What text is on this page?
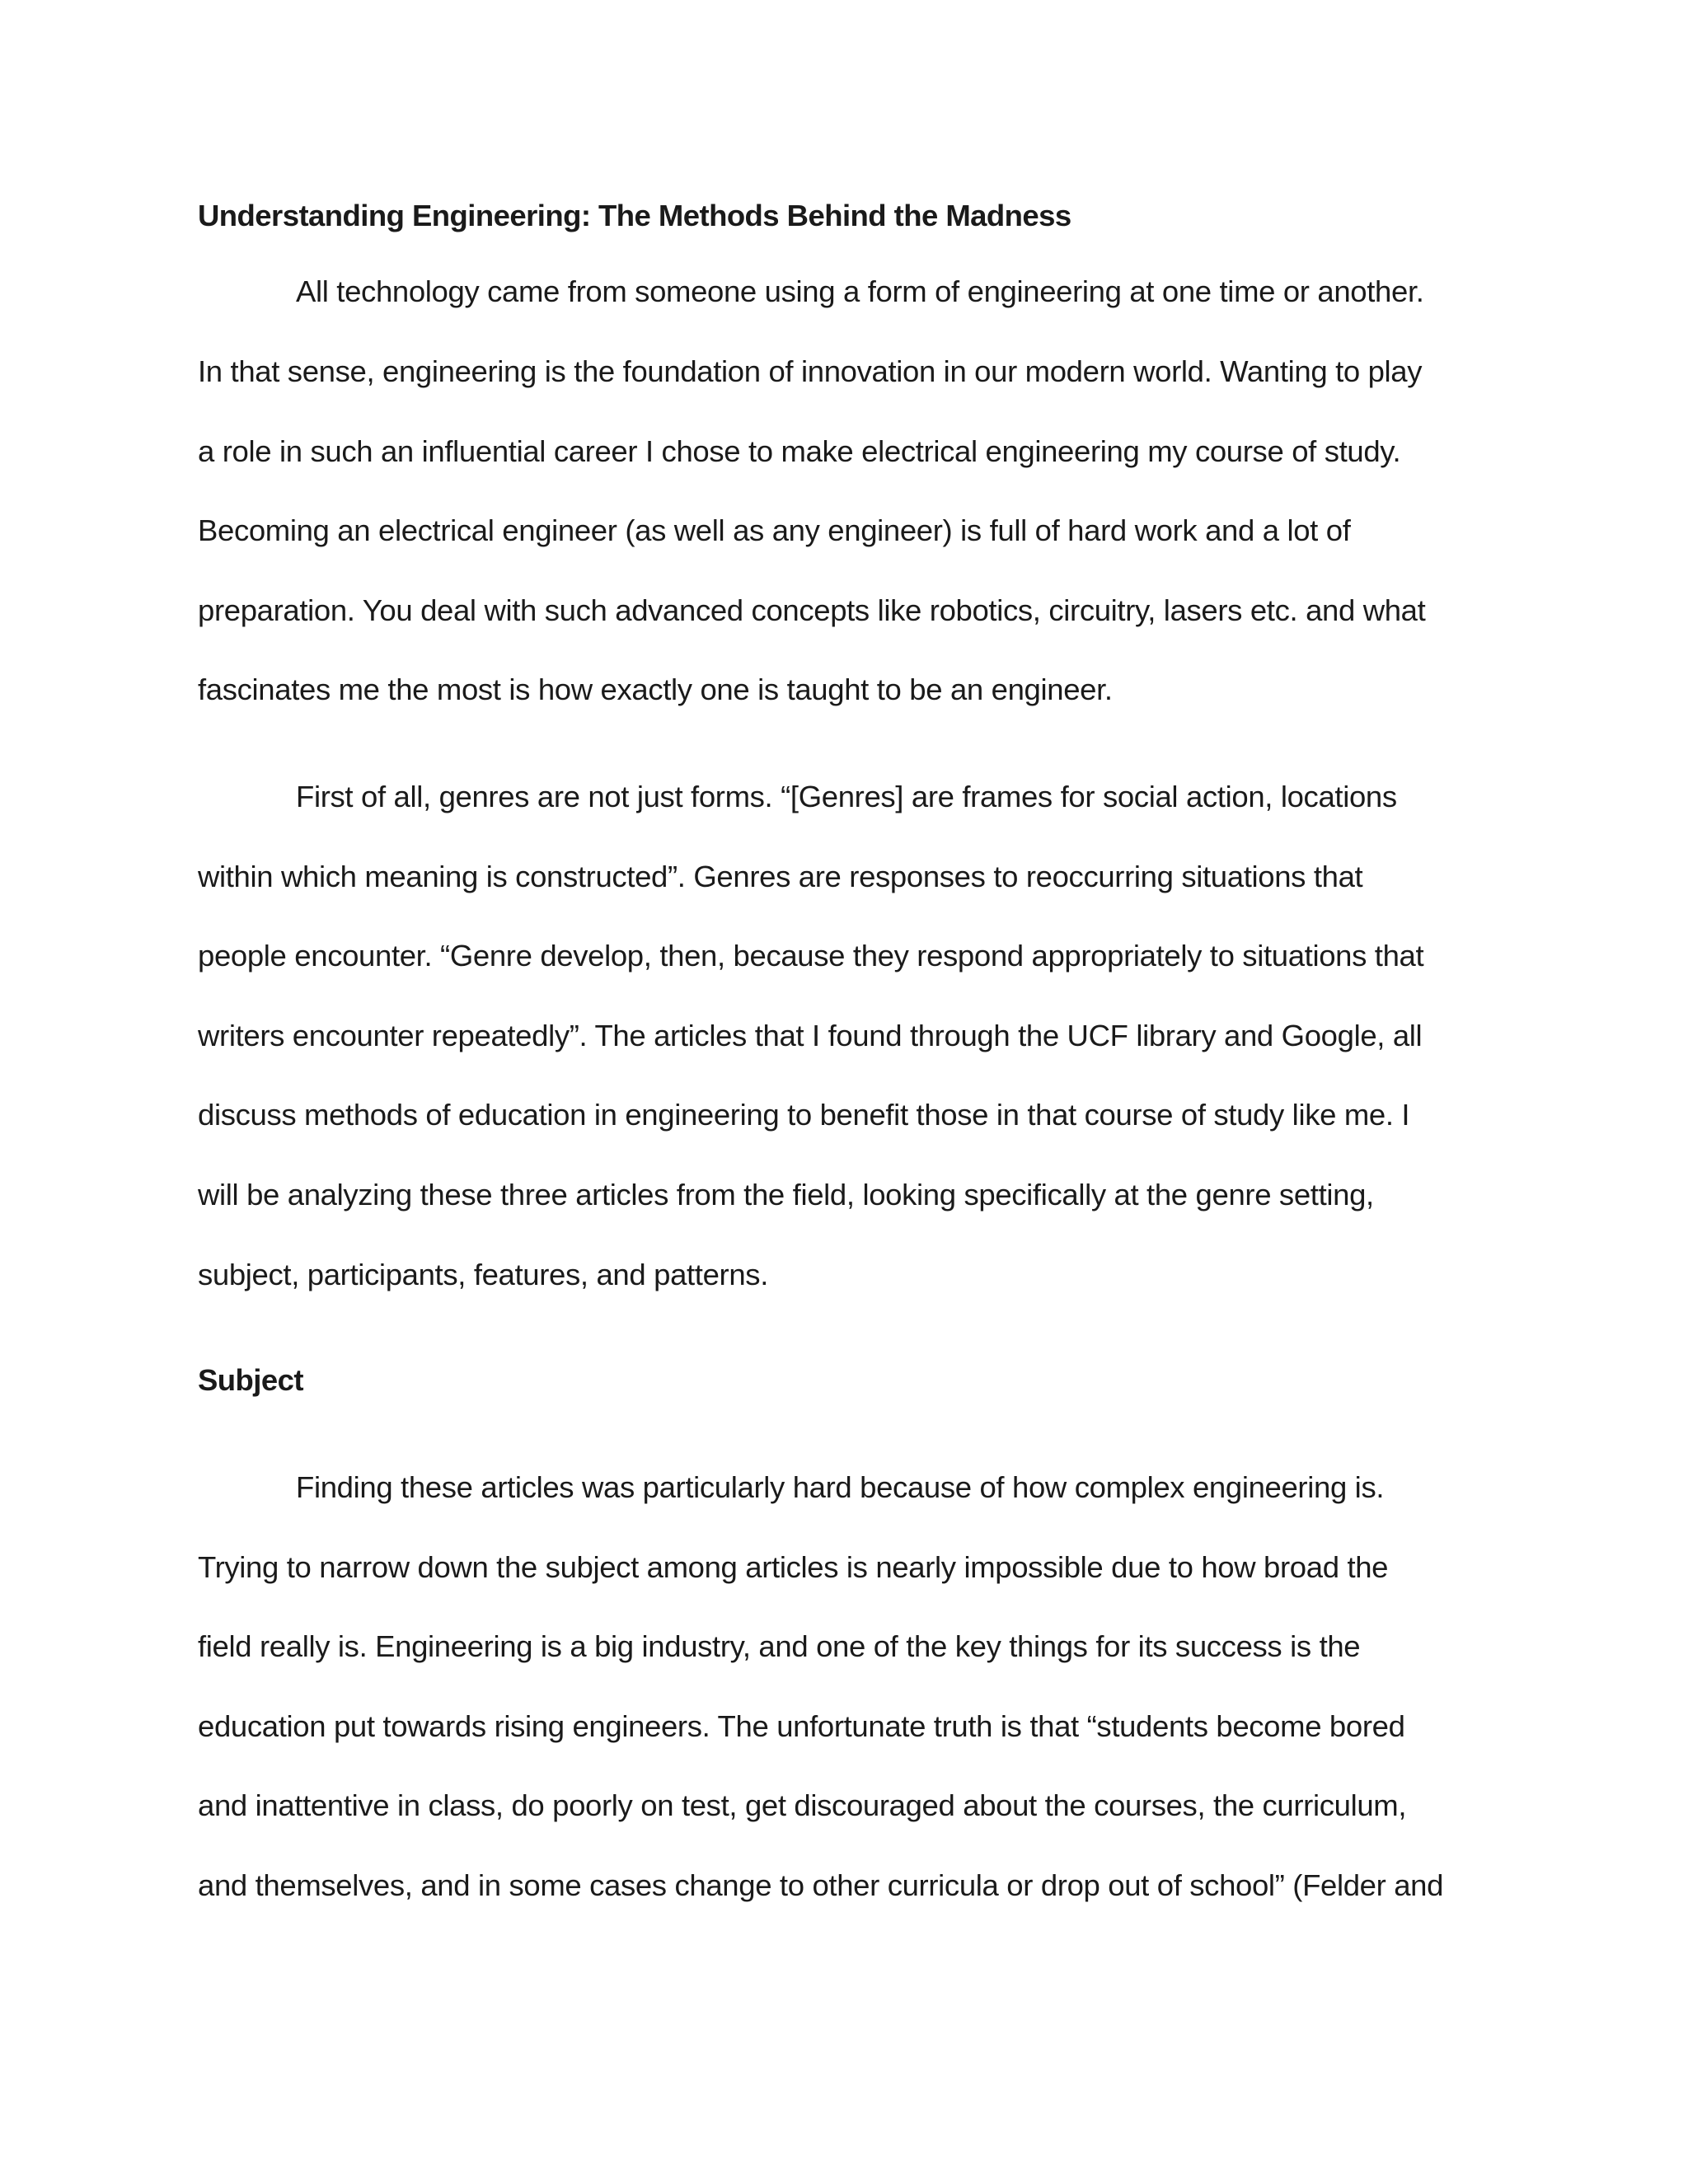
Understanding Engineering: The Methods Behind the Madness
All technology came from someone using a form of engineering at one time or another.
In that sense, engineering is the foundation of innovation in our modern world. Wanting to play
a role in such an influential career I chose to make electrical engineering my course of study.
Becoming an electrical engineer (as well as any engineer) is full of hard work and a lot of
preparation. You deal with such advanced concepts like robotics, circuitry, lasers etc. and what
fascinates me the most is how exactly one is taught to be an engineer.
First of all, genres are not just forms. “[Genres] are frames for social action, locations
within which meaning is constructed”. Genres are responses to reoccurring situations that
people encounter. “Genre develop, then, because they respond appropriately to situations that
writers encounter repeatedly”. The articles that I found through the UCF library and Google, all
discuss methods of education in engineering to benefit those in that course of study like me. I
will be analyzing these three articles from the field, looking specifically at the genre setting,
subject, participants, features, and patterns.
Subject
Finding these articles was particularly hard because of how complex engineering is.
Trying to narrow down the subject among articles is nearly impossible due to how broad the
field really is. Engineering is a big industry, and one of the key things for its success is the
education put towards rising engineers. The unfortunate truth is that “students become bored
and inattentive in class, do poorly on test, get discouraged about the courses, the curriculum,
and themselves, and in some cases change to other curricula or drop out of school” (Felder and
